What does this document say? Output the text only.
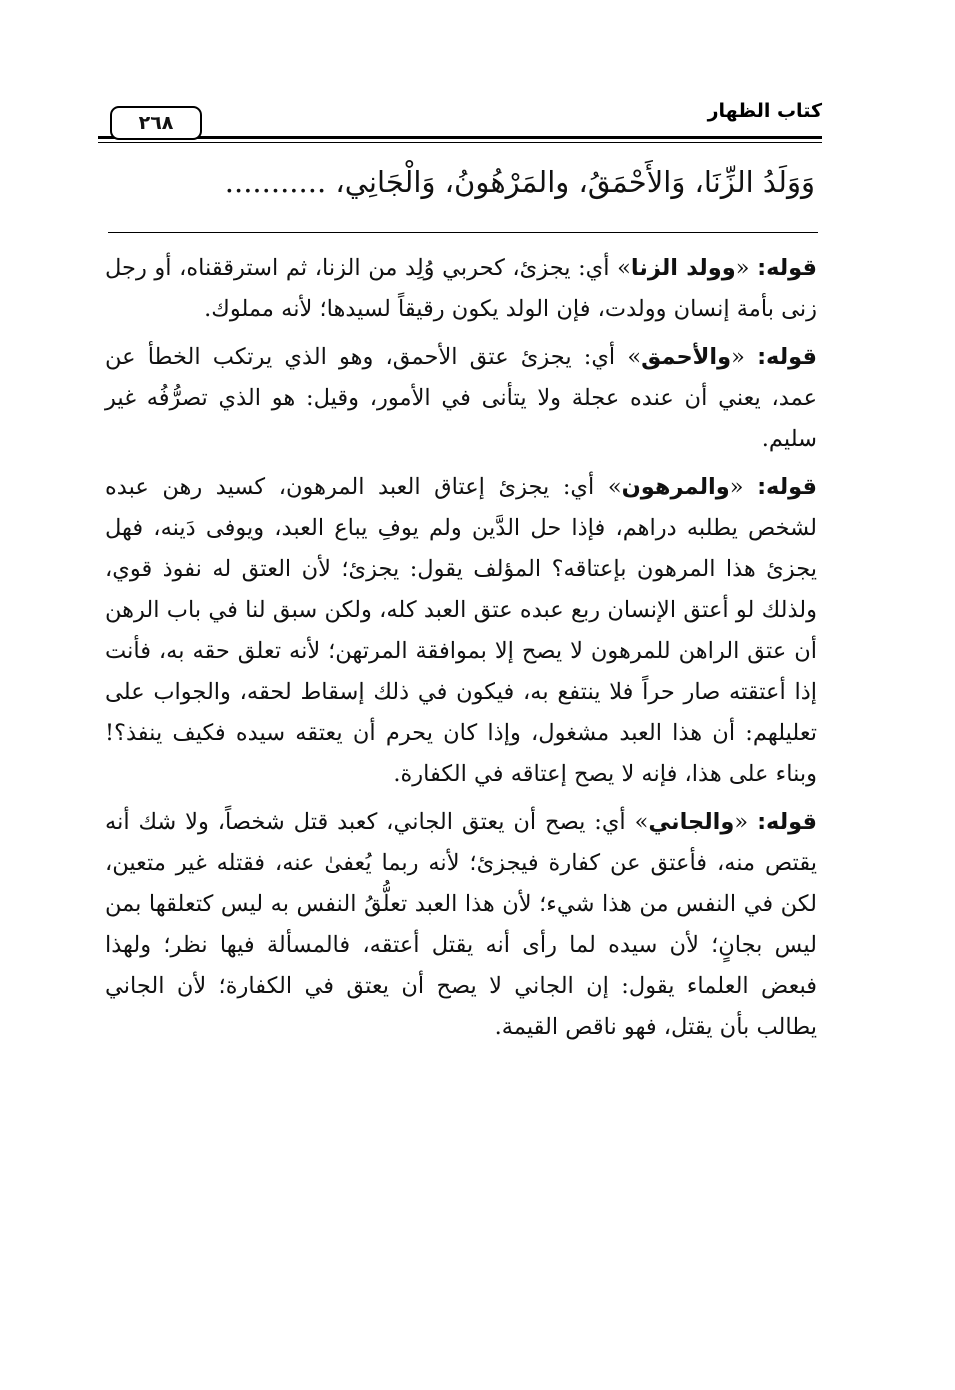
كتاب الظهار
٢٦٨
وَوَلَدُ الزِّنَا، وَالأَحْمَقُ، والمَرْهُونُ، وَالْجَانِي، ...........

قوله: «وولد الزنا» أي: يجزئ، كحربي وُلِد من الزنا، ثم استرققناه، أو رجل زنى بأمة إنسان وولدت، فإن الولد يكون رقيقاً لسيدها؛ لأنه مملوك.

قوله: «والأحمق» أي: يجزئ عتق الأحمق، وهو الذي يرتكب الخطأ عن عمد، يعني أن عنده عجلة ولا يتأنى في الأمور، وقيل: هو الذي تصرُّفُه غير سليم.

قوله: «والمرهون» أي: يجزئ إعتاق العبد المرهون، كسيد رهن عبده لشخص يطلبه دراهم، فإذا حل الدَّين ولم يوفِ يباع العبد، ويوفى دَينه، فهل يجزئ هذا المرهون بإعتاقه؟ المؤلف يقول: يجزئ؛ لأن العتق له نفوذ قوي، ولذلك لو أعتق الإنسان ربع عبده عتق العبد كله، ولكن سبق لنا في باب الرهن أن عتق الراهن للمرهون لا يصح إلا بموافقة المرتهن؛ لأنه تعلق حقه به، فأنت إذا أعتقته صار حراً فلا ينتفع به، فيكون في ذلك إسقاط لحقه، والجواب على تعليلهم: أن هذا العبد مشغول، وإذا كان يحرم أن يعتقه سيده فكيف ينفذ؟! وبناء على هذا، فإنه لا يصح إعتاقه في الكفارة.

قوله: «والجاني» أي: يصح أن يعتق الجاني، كعبد قتل شخصاً، ولا شك أنه يقتص منه، فأعتق عن كفارة فيجزئ؛ لأنه ربما يُعفىٰ عنه، فقتله غير متعين، لكن في النفس من هذا شيء؛ لأن هذا العبد تعلُّقُ النفس به ليس كتعلقها بمن ليس بجانٍ؛ لأن سيده لما رأى أنه يقتل أعتقه، فالمسألة فيها نظر؛ ولهذا فبعض العلماء يقول: إن الجاني لا يصح أن يعتق في الكفارة؛ لأن الجاني يطالب بأن يقتل، فهو ناقص القيمة.
